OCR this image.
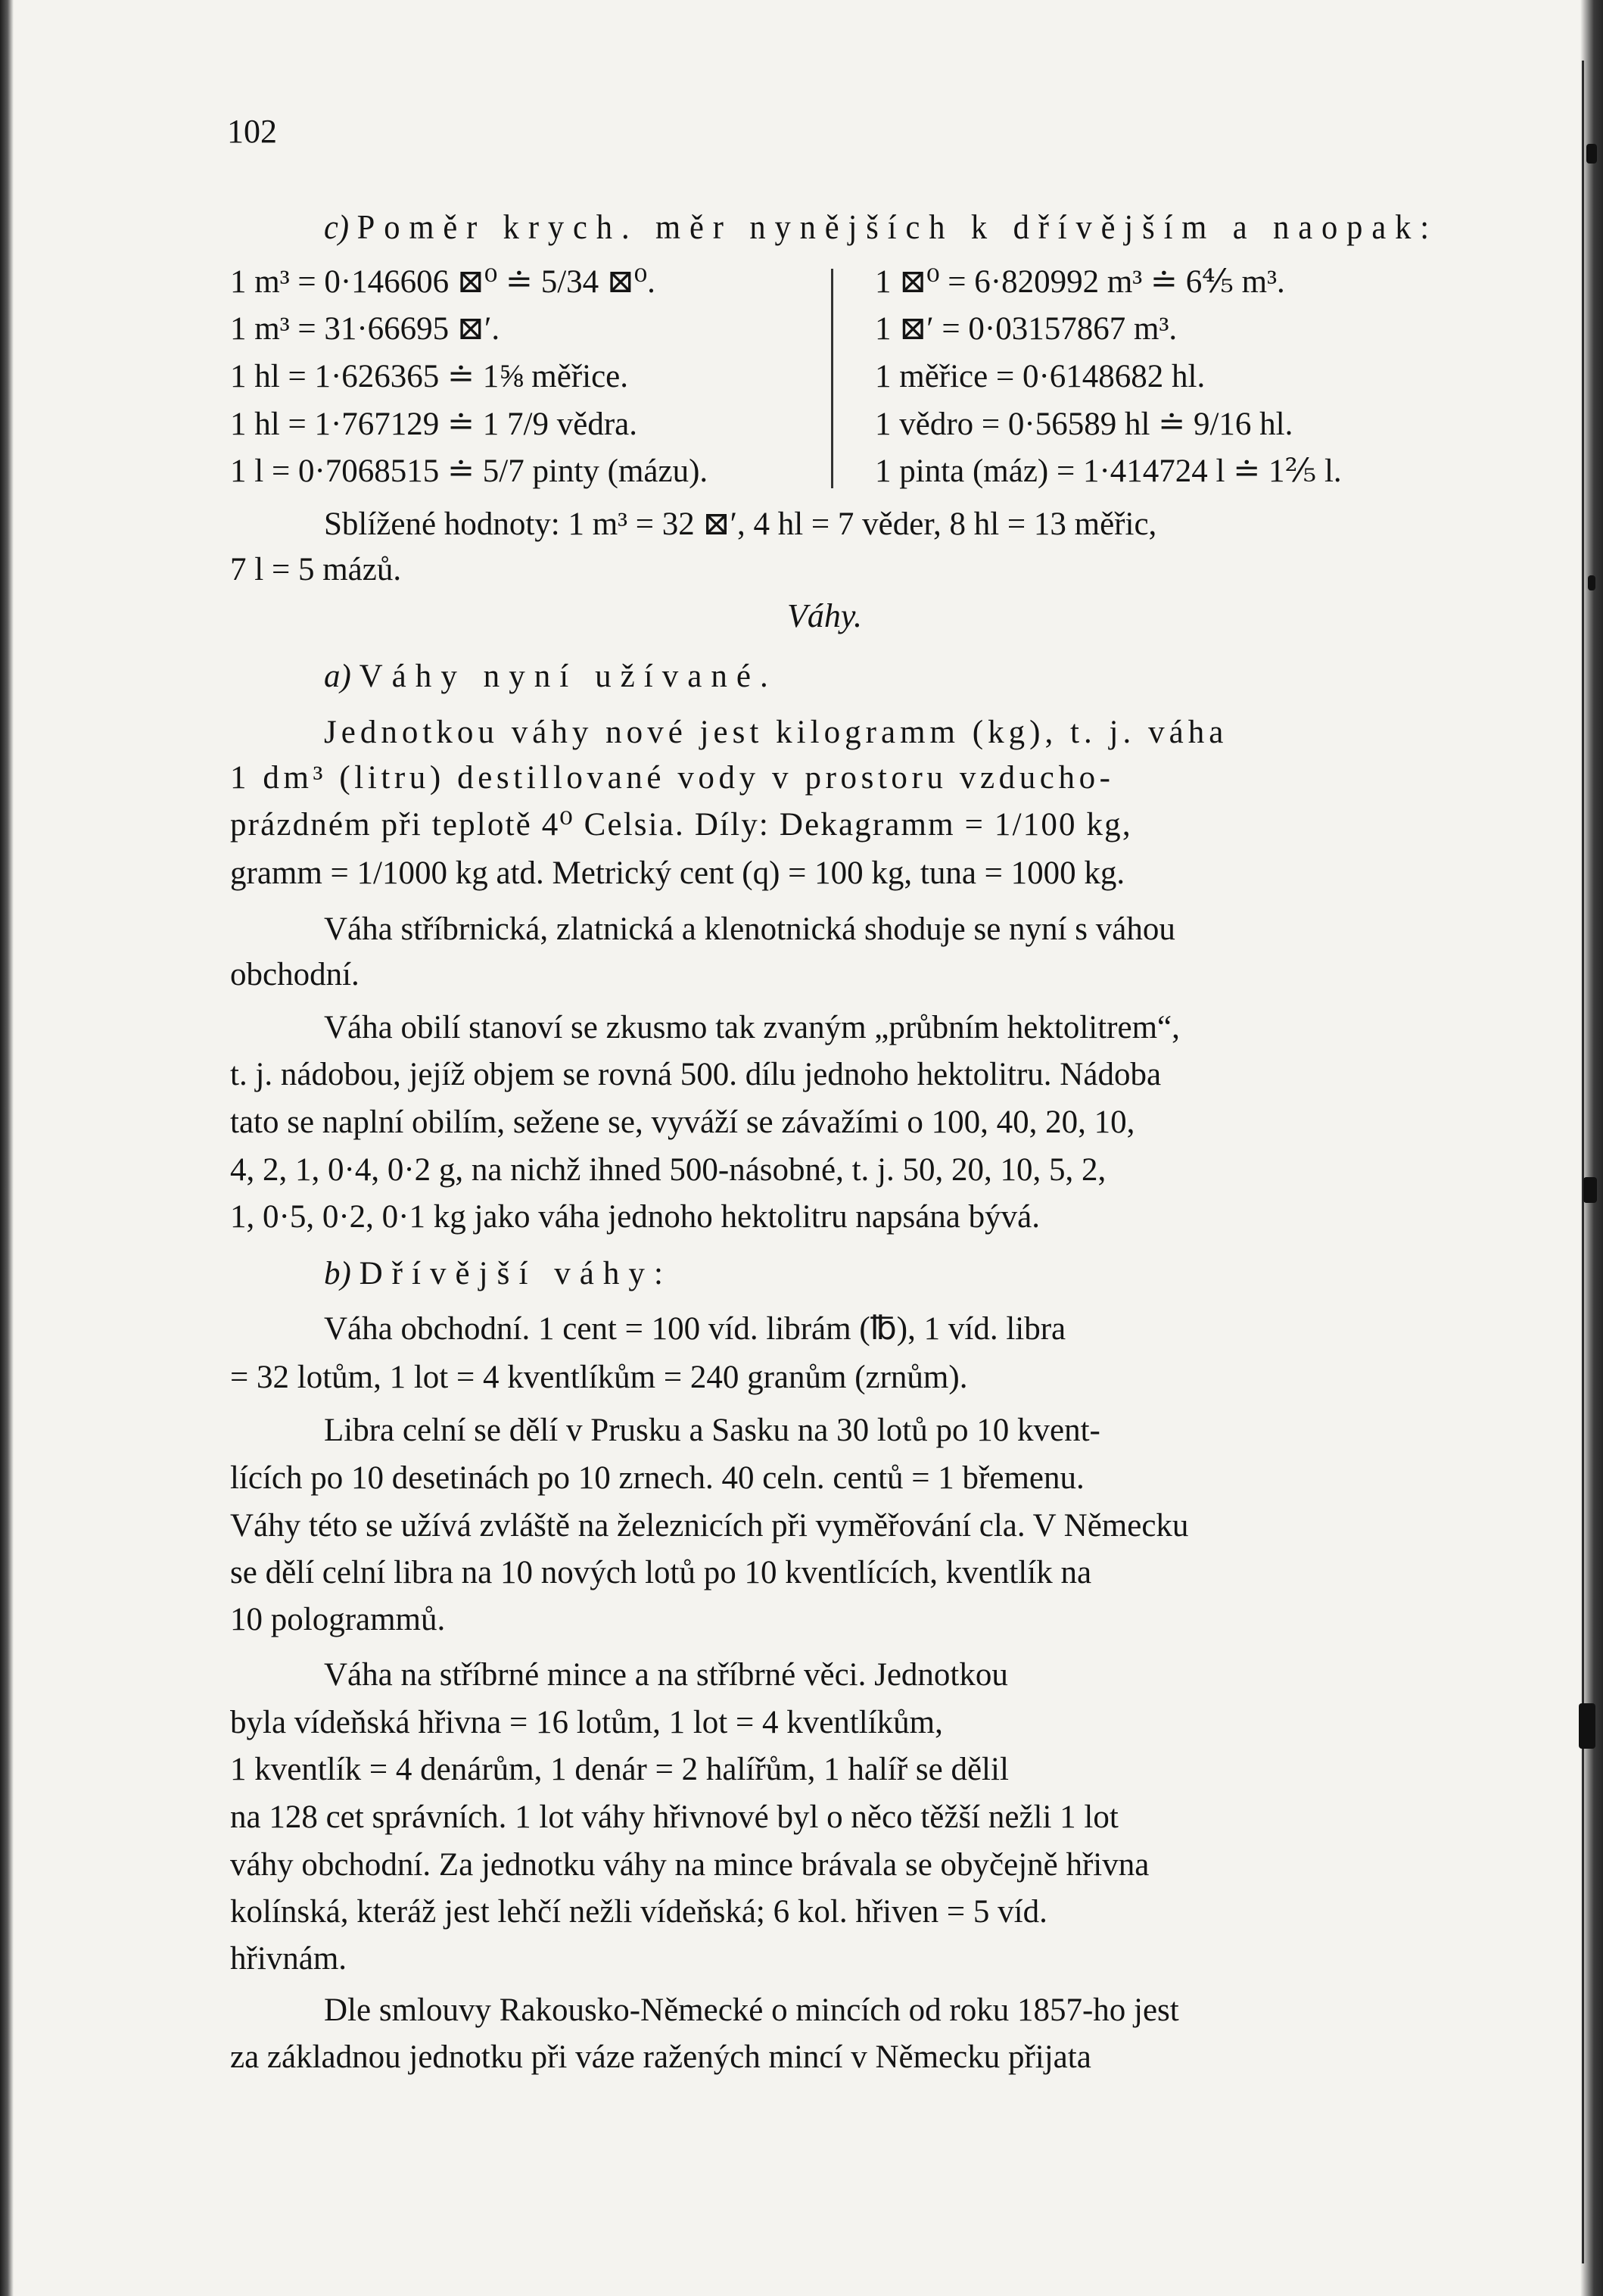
102
c) Poměr krych. měr nynějších k dřívějším a naopak:
1 m³ = 0·146606 ⊠⁰ ≐ 5/34 ⊠⁰.
1 m³ = 31·66695 ⊠′.
1 hl = 1·626365 ≐ 1⅝ měřice.
1 hl = 1·767129 ≐ 1 7/9 vědra.
1 l = 0·7068515 ≐ 5/7 pinty (mázu).
1 ⊠⁰ = 6·820992 m³ ≐ 6⅘ m³.
1 ⊠′ = 0·03157867 m³.
1 měřice = 0·6148682 hl.
1 vědro = 0·56589 hl ≐ 9/16 hl.
1 pinta (máz) = 1·414724 l ≐ 1⅖ l.
Sblížené hodnoty: 1 m³ = 32 ⊠′, 4 hl = 7 věder, 8 hl = 13 měřic,
7 l = 5 mázů.
Váhy.
a) Váhy nyní užívané.
Jednotkou váhy nové jest kilogramm (kg), t. j. váha
1 dm³ (litru) destillované vody v prostoru vzducho-
prázdném při teplotě 4⁰ Celsia. Díly: Dekagramm = 1/100 kg,
gramm = 1/1000 kg atd. Metrický cent (q) = 100 kg, tuna = 1000 kg.
Váha stříbrnická, zlatnická a klenotnická shoduje se nyní s váhou
obchodní.
Váha obilí stanoví se zkusmo tak zvaným „průbním hektolitrem“,
t. j. nádobou, jejíž objem se rovná 500. dílu jednoho hektolitru. Nádoba
tato se naplní obilím, sežene se, vyváží se závažími o 100, 40, 20, 10,
4, 2, 1, 0·4, 0·2 g, na nichž ihned 500-násobné, t. j. 50, 20, 10, 5, 2,
1, 0·5, 0·2, 0·1 kg jako váha jednoho hektolitru napsána bývá.
b) Dřívější váhy:
Váha obchodní. 1 cent = 100 víd. librám (℔), 1 víd. libra
= 32 lotům, 1 lot = 4 kventlíkům = 240 granům (zrnům).
Libra celní se dělí v Prusku a Sasku na 30 lotů po 10 kvent-
lících po 10 desetinách po 10 zrnech. 40 celn. centů = 1 břemenu.
Váhy této se užívá zvláště na železnicích při vyměřování cla. V Německu
se dělí celní libra na 10 nových lotů po 10 kventlících, kventlík na
10 pologrammů.
Váha na stříbrné mince a na stříbrné věci. Jednotkou
byla vídeňská hřivna = 16 lotům, 1 lot = 4 kventlíkům,
1 kventlík = 4 denárům, 1 denár = 2 halířům, 1 halíř se dělil
na 128 cet správních. 1 lot váhy hřivnové byl o něco těžší nežli 1 lot
váhy obchodní. Za jednotku váhy na mince brávala se obyčejně hřivna
kolínská, kteráž jest lehčí nežli vídeňská; 6 kol. hřiven = 5 víd.
hřivnám.
Dle smlouvy Rakousko-Německé o mincích od roku 1857-ho jest
za základnou jednotku při váze ražených mincí v Německu přijata
